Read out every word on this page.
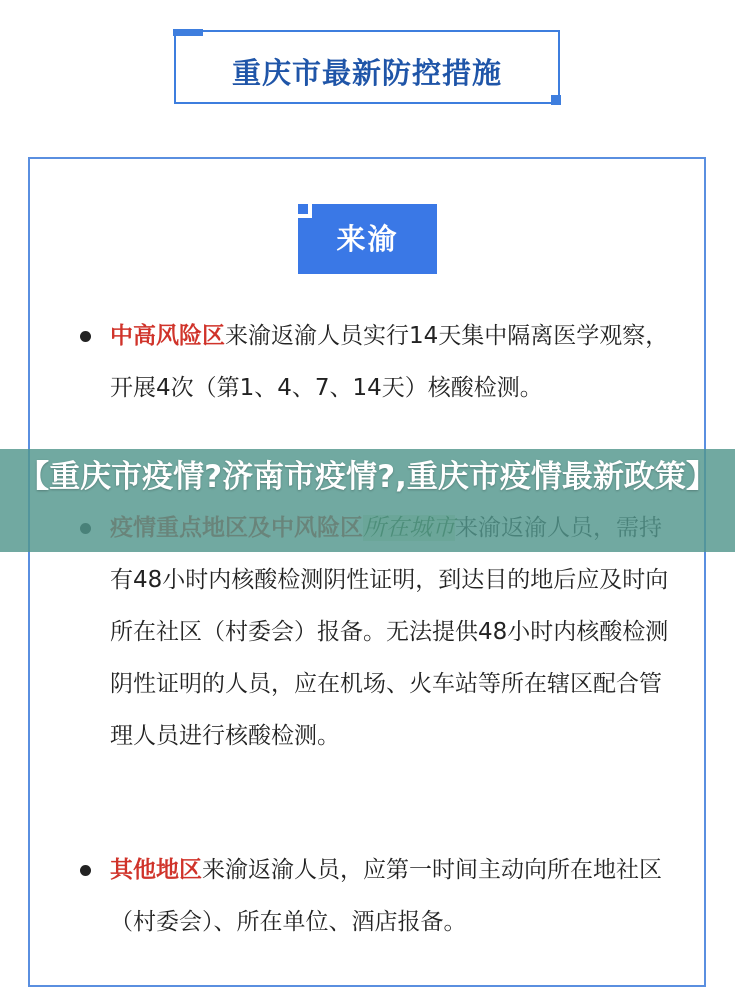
重庆市最新防控措施
来渝
中高风险区来渝返渝人员实行14天集中隔离医学观察，开展4次（第1、4、7、14天）核酸检测。
有48小时内核酸检测阴性证明，到达目的地后应及时向所在社区（村委会）报备。无法提供48小时内核酸检测阴性证明的人员，应在机场、火车站等所在辖区配合管理人员进行核酸检测。
其他地区来渝返渝人员，应第一时间主动向所在地社区（村委会）、所在单位、酒店报备。
【重庆市疫情?济南市疫情?,重庆市疫情最新政策】
